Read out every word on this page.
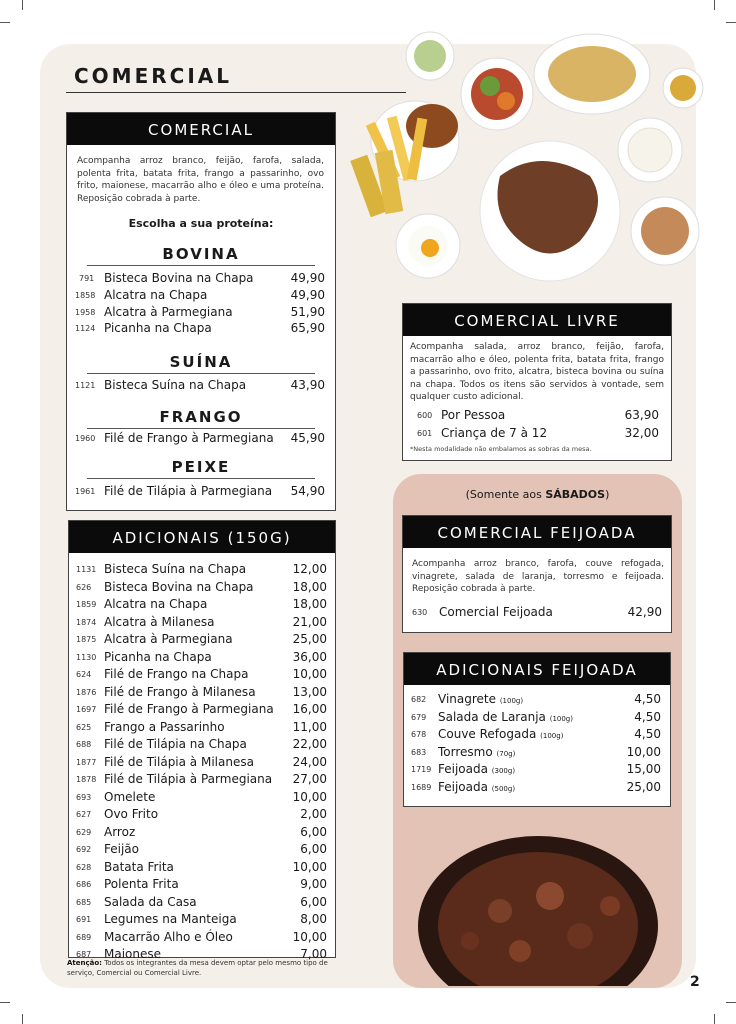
COMERCIAL
COMERCIAL
Acompanha arroz branco, feijão, farofa, salada, polenta frita, batata frita, frango a passarinho, ovo frito, maionese, macarrão alho e óleo e uma proteína. Reposição cobrada à parte.
Escolha a sua proteína:
BOVINA
791 Bisteca Bovina na Chapa	49,90
1858 Alcatra na Chapa	49,90
1958 Alcatra à Parmegiana	51,90
1124 Picanha na Chapa	65,90
SUÍNA
1121 Bisteca Suína na Chapa	43,90
FRANGO
1960 Filé de Frango à Parmegiana 45,90
PEIXE
1961 Filé de Tilápia à Parmegiana 54,90
ADICIONAIS (150G)
1131 Bisteca Suína na Chapa	12,00
626 Bisteca Bovina na Chapa	18,00
1859 Alcatra na Chapa	18,00
1874 Alcatra à Milanesa	21,00
1875 Alcatra à Parmegiana	25,00
1130 Picanha na Chapa	36,00
624 Filé de Frango na Chapa	10,00
1876 Filé de Frango à Milanesa	13,00
1697 Filé de Frango à Parmegiana 16,00
625 Frango a Passarinho	11,00
688 Filé de Tilápia na Chapa	22,00
1877 Filé de Tilápia à Milanesa	24,00
1878 Filé de Tilápia à Parmegiana 27,00
693 Omelete	10,00
627 Ovo Frito	2,00
629 Arroz	6,00
692 Feijão	6,00
628 Batata Frita	10,00
686 Polenta Frita	9,00
685 Salada da Casa	6,00
691 Legumes na Manteiga	8,00
689 Macarrão Alho e Óleo	10,00
687 Maionese	7,00
Atenção: Todos os integrantes da mesa devem optar pelo mesmo tipo de serviço, Comercial ou Comercial Livre.
COMERCIAL LIVRE
Acompanha salada, arroz branco, feijão, farofa, macarrão alho e óleo, polenta frita, batata frita, frango a passarinho, ovo frito, alcatra, bisteca bovina ou suína na chapa. Todos os itens são servidos à vontade, sem qualquer custo adicional.
600 Por Pessoa	63,90
601 Criança de 7 à 12	32,00
*Nesta modalidade não embalamos as sobras da mesa.
(Somente aos SÁBADOS)
COMERCIAL FEIJOADA
Acompanha arroz branco, farofa, couve refogada, vinagrete, salada de laranja, torresmo e feijoada. Reposição cobrada à parte.
630 Comercial Feijoada	42,90
ADICIONAIS FEIJOADA
682 Vinagrete (100g)	4,50
679 Salada de Laranja (100g)	4,50
678 Couve Refogada (100g)	4,50
683 Torresmo (70g)	10,00
1719 Feijoada (300g)	15,00
1689 Feijoada (500g)	25,00
2
